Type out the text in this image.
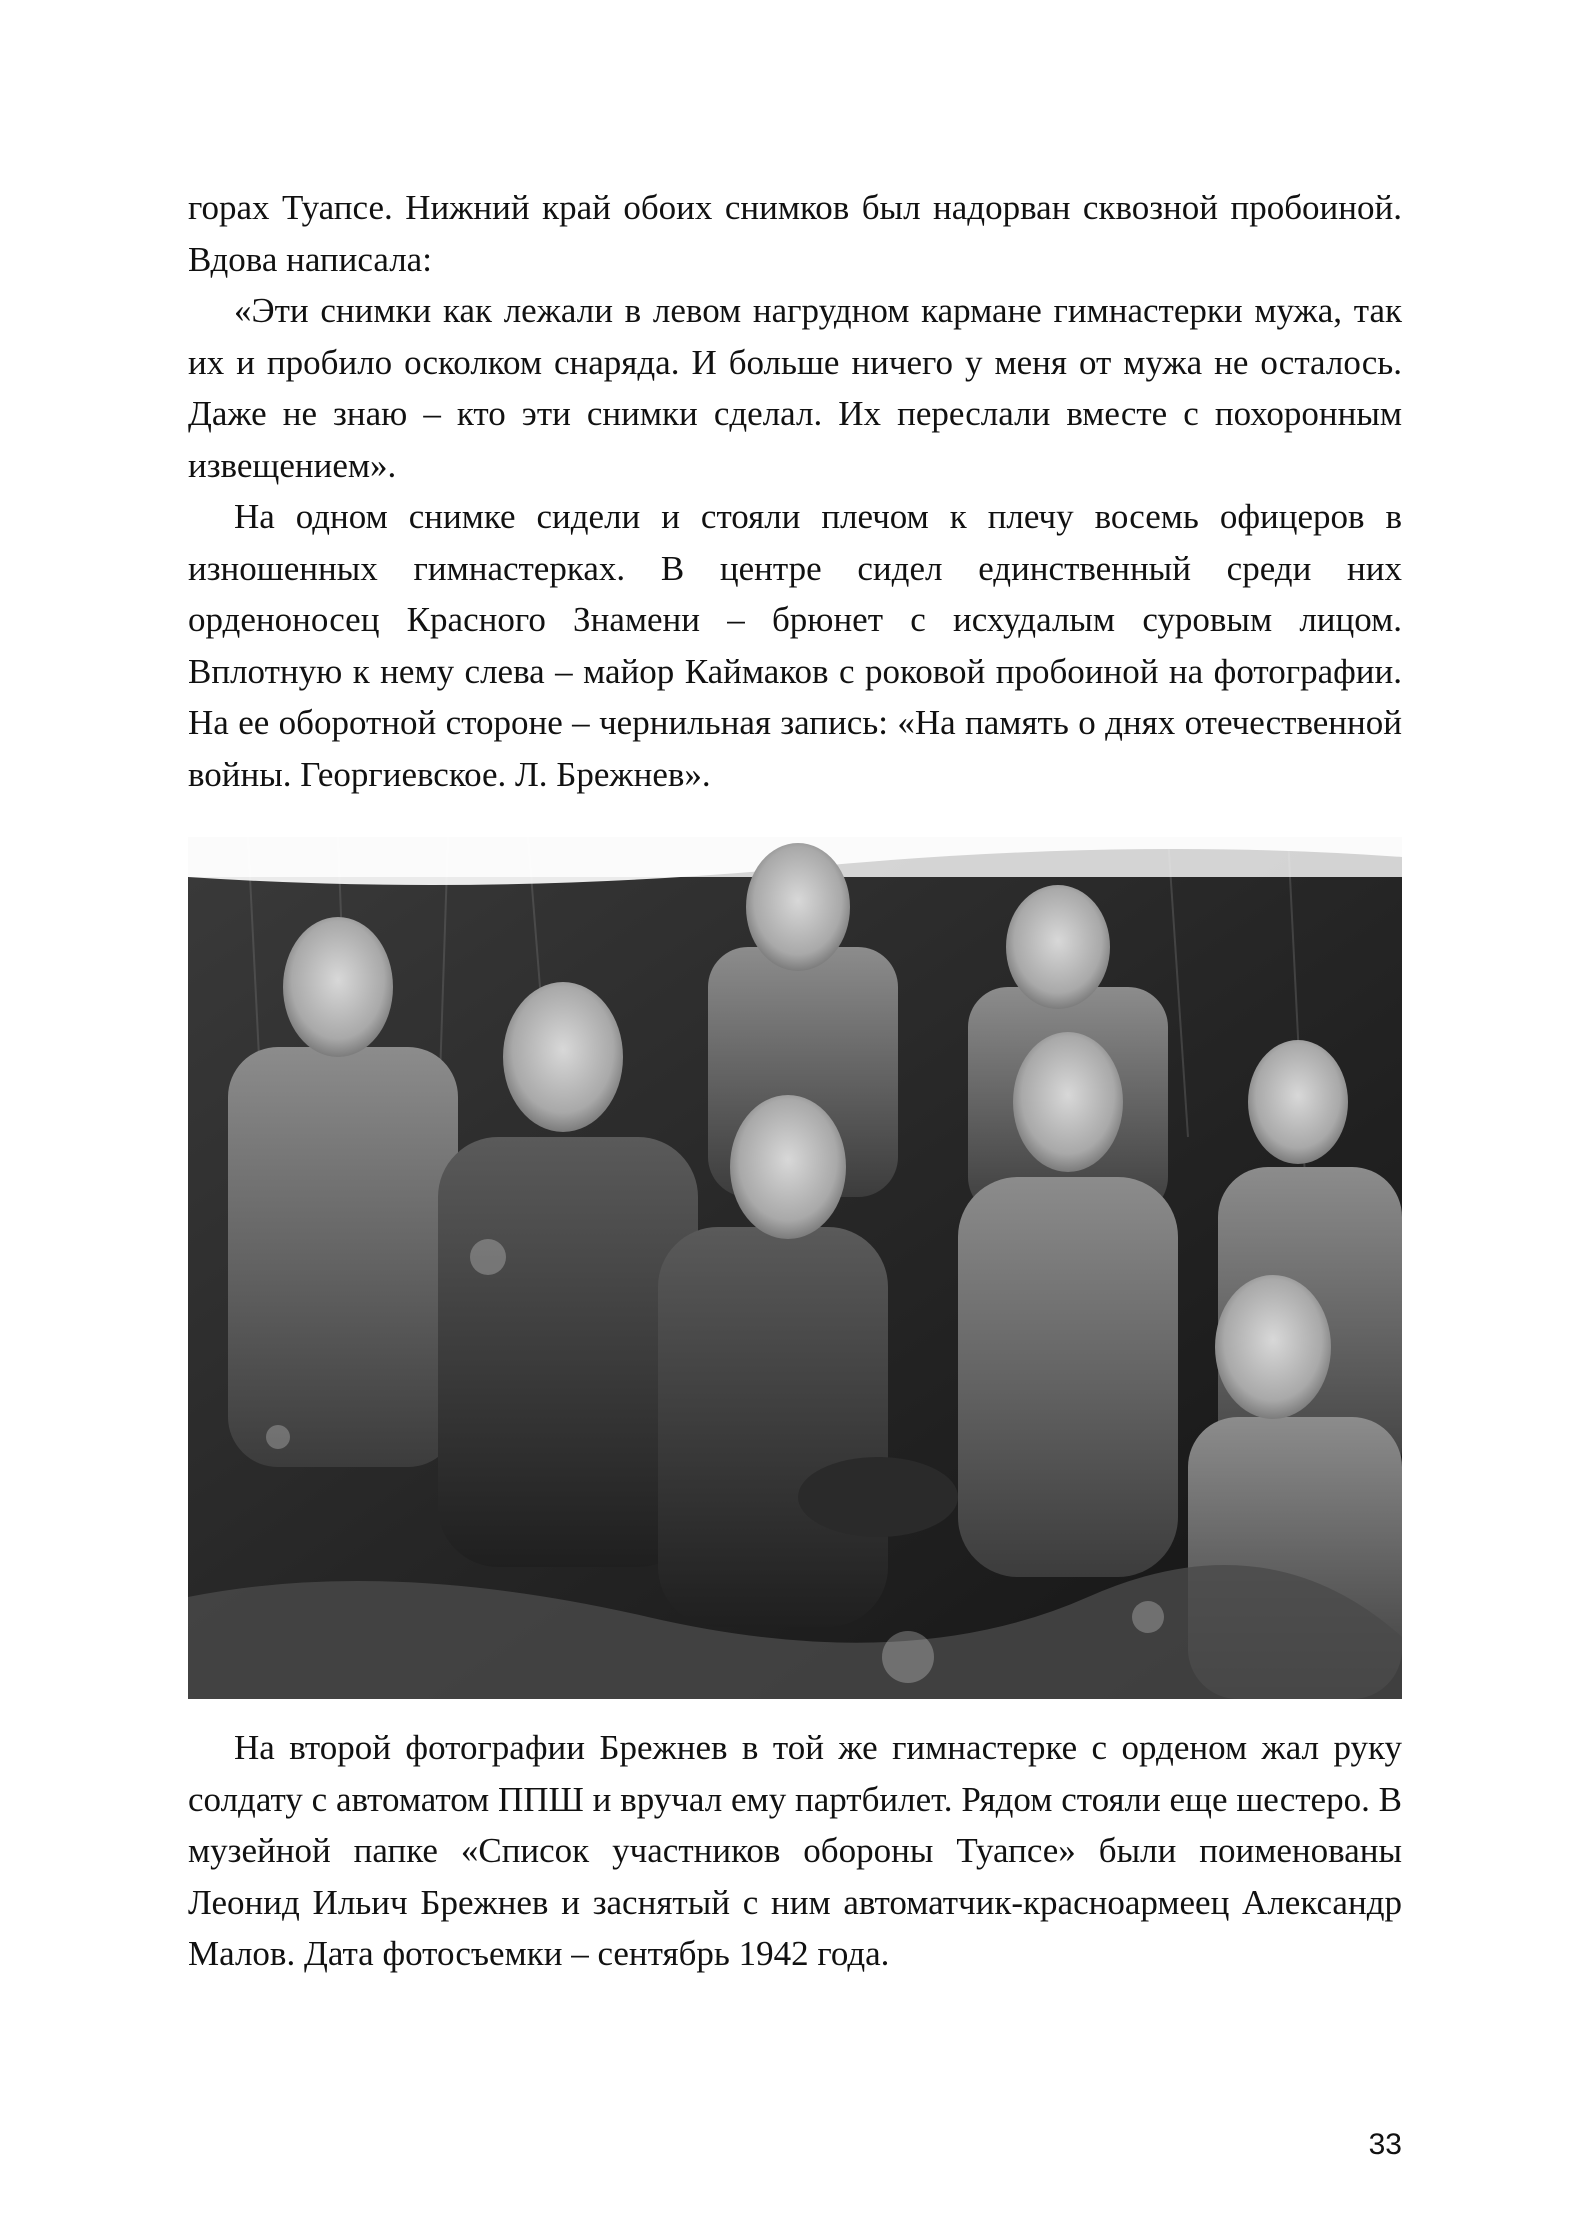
горах Туапсе. Нижний край обоих снимков был надорван сквозной пробоиной. Вдова написала:

«Эти снимки как лежали в левом нагрудном кармане гимнастерки мужа, так их и пробило осколком снаряда. И больше ничего у меня от мужа не осталось. Даже не знаю – кто эти снимки сделал. Их переслали вместе с похоронным извещением».

На одном снимке сидели и стояли плечом к плечу восемь офицеров в изношенных гимнастерках. В центре сидел единственный среди них орденоносец Красного Знамени – брюнет с исхудалым суровым лицом. Вплотную к нему слева – майор Каймаков с роковой пробоиной на фотографии. На ее оборотной стороне – чернильная запись: «На память о днях отечественной войны. Георгиевское. Л. Брежнев».

На второй фотографии Брежнев в той же гимнастерке с орденом жал руку солдату с автоматом ППШ и вручал ему партбилет. Рядом стояли еще шестеро. В музейной папке «Список участников обороны Туапсе» были поименованы Леонид Ильич Брежнев и заснятый с ним автоматчик-красноармеец Александр Малов. Дата фотосъемки – сентябрь 1942 года.

33
